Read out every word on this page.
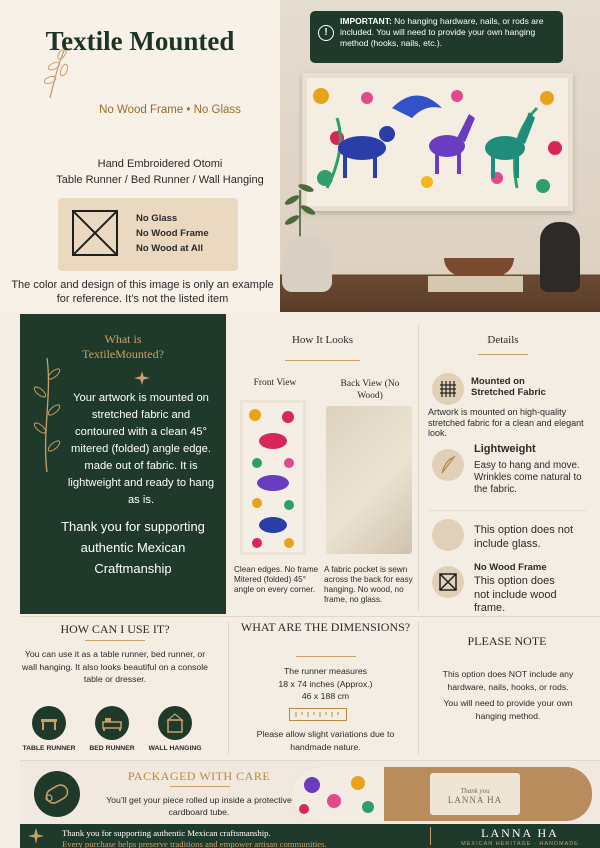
Textile Mounted
No Wood Frame • No Glass
Hand Embroidered Otomi
Table Runner / Bed Runner / Wall Hanging
No Glass
No Wood Frame
No Wood at All
The color and design of this image is only an example for reference. It’s not the listed item
!
IMPORTANT: No hanging hardware, nails, or rods are included. You will need to provide your own hanging method (hooks, nails, etc.).
What is
TextileMounted?
Your artwork is mounted on stretched fabric and contoured with a clean 45° mitered (folded) angle edge. made out of fabric. It is lightweight and ready to hang as is.
Thank you for supporting authentic Mexican Craftmanship
How It Looks
Front View	Back View (No Wood)
Clean edges. No frame Mitered (folded) 45° angle on every corner.
A fabric pocket is sewn across the back for easy hanging. No wood, no frame, no glass.
Details
Mounted on Stretched Fabric
Artwork is mounted on high-quality stretched fabric for a clean and elegant look.
Lightweight
Easy to hang and move. Wrinkles come natural to the fabric.
This option does not include glass.
No Wood Frame
This option does not include wood frame.
HOW CAN I USE IT?
You can use it as a table runner, bed runner, or wall hanging. It also looks beautiful on a console table or dresser.
TABLE RUNNER	BED RUNNER	WALL HANGING
WHAT ARE THE DIMENSIONS?
The runner measures
18 x 74 inches (Approx.)
46 x 188 cm
Please allow slight variations due to handmade nature.
PLEASE NOTE
This option does NOT include any hardware, nails, hooks, or rods.
You will need to provide your own hanging method.
PACKAGED WITH CARE
You’ll get your piece rolled up inside a protective cardboard tube.
Thank you
LANNA HA
Thank you for supporting authentic Mexican craftsmanship.
Every purchase helps preserve traditions and empower artisan communities.
LANNA HA
MEXICAN HERITAGE · HANDMADE
